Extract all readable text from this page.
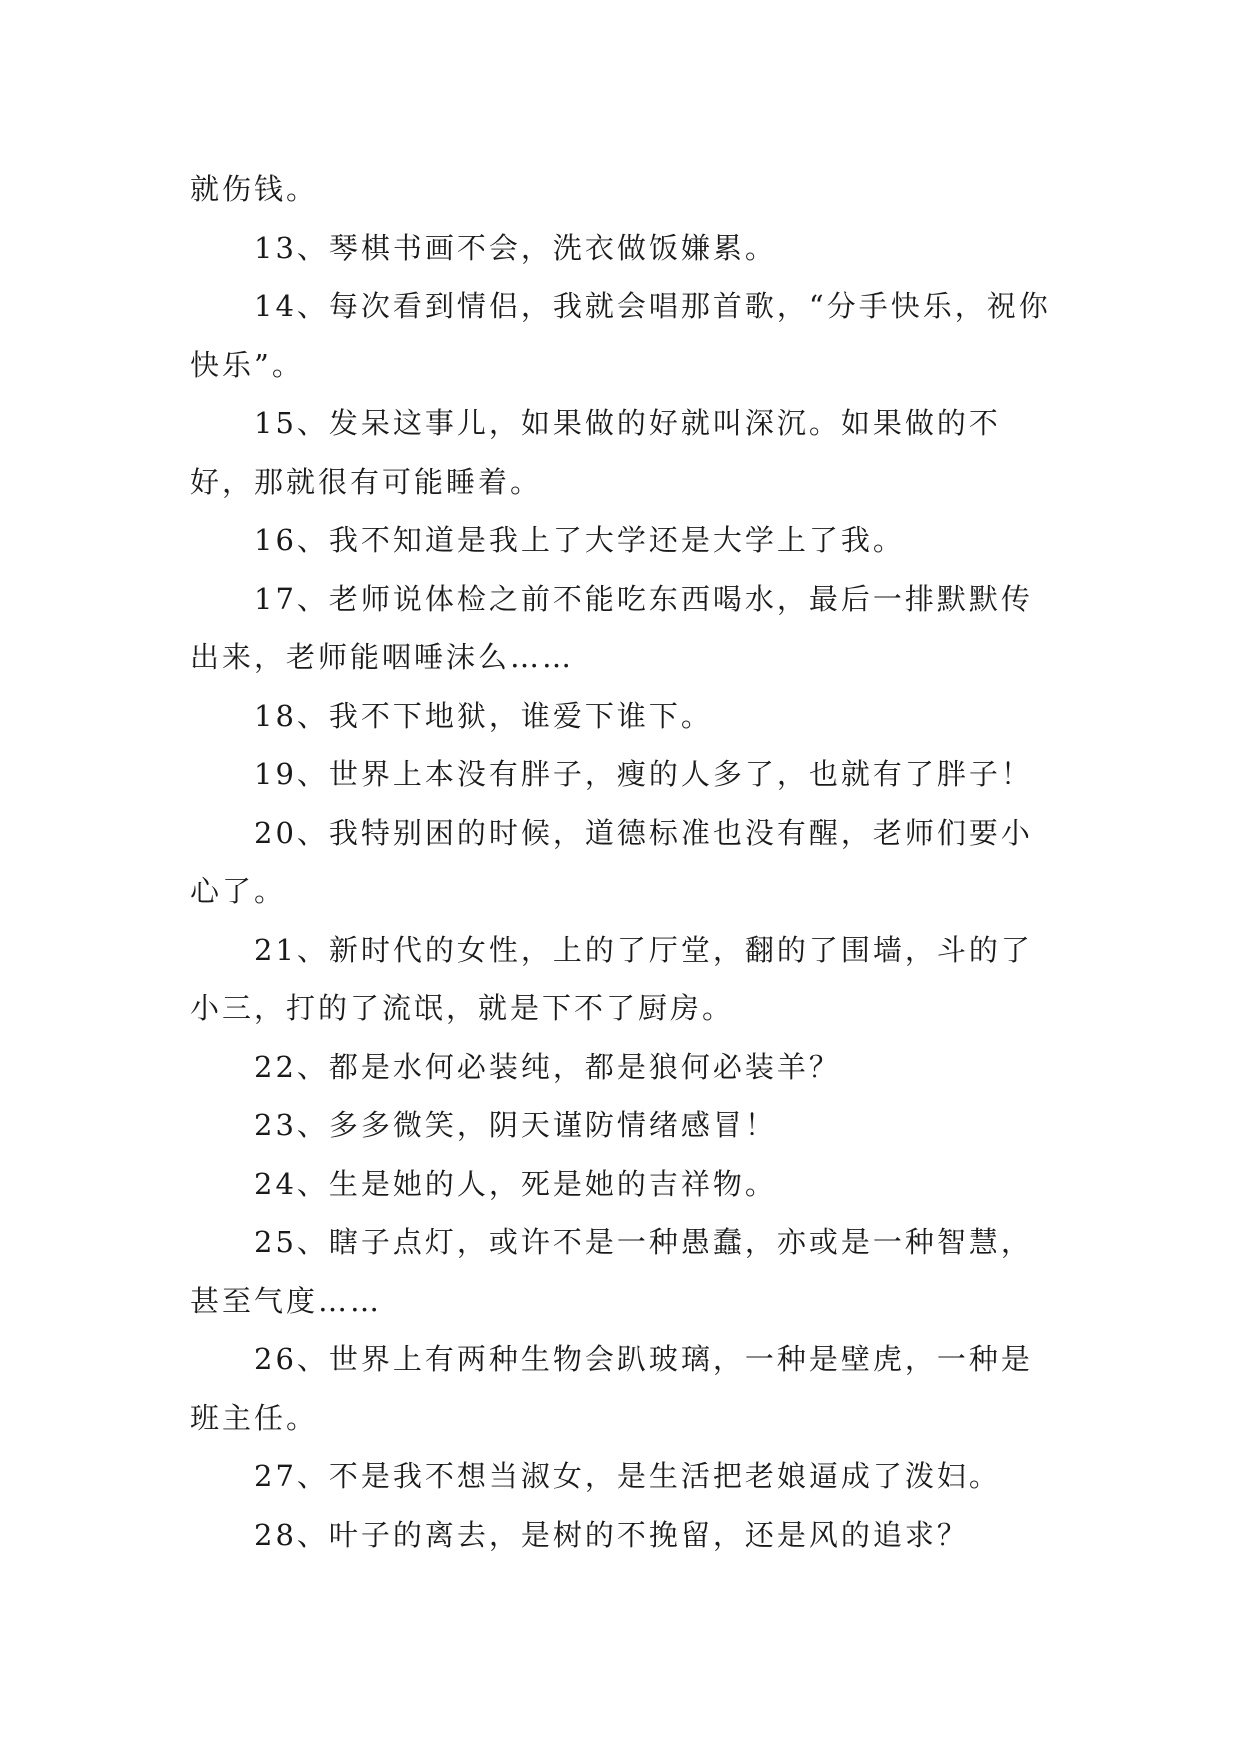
就伤钱。

13、琴棋书画不会，洗衣做饭嫌累。

14、每次看到情侣，我就会唱那首歌，“分手快乐，祝你快乐”。

15、发呆这事儿，如果做的好就叫深沉。如果做的不好，那就很有可能睡着。

16、我不知道是我上了大学还是大学上了我。

17、老师说体检之前不能吃东西喝水，最后一排默默传出来，老师能咽唾沫么……

18、我不下地狱，谁爱下谁下。

19、世界上本没有胖子，瘦的人多了，也就有了胖子！

20、我特别困的时候，道德标准也没有醒，老师们要小心了。

21、新时代的女性，上的了厅堂，翻的了围墙，斗的了小三，打的了流氓，就是下不了厨房。

22、都是水何必装纯，都是狼何必装羊？

23、多多微笑，阴天谨防情绪感冒！

24、生是她的人，死是她的吉祥物。

25、瞎子点灯，或许不是一种愚蠢，亦或是一种智慧，甚至气度……

26、世界上有两种生物会趴玻璃，一种是壁虎，一种是班主任。

27、不是我不想当淑女，是生活把老娘逼成了泼妇。

28、叶子的离去，是树的不挽留，还是风的追求？
